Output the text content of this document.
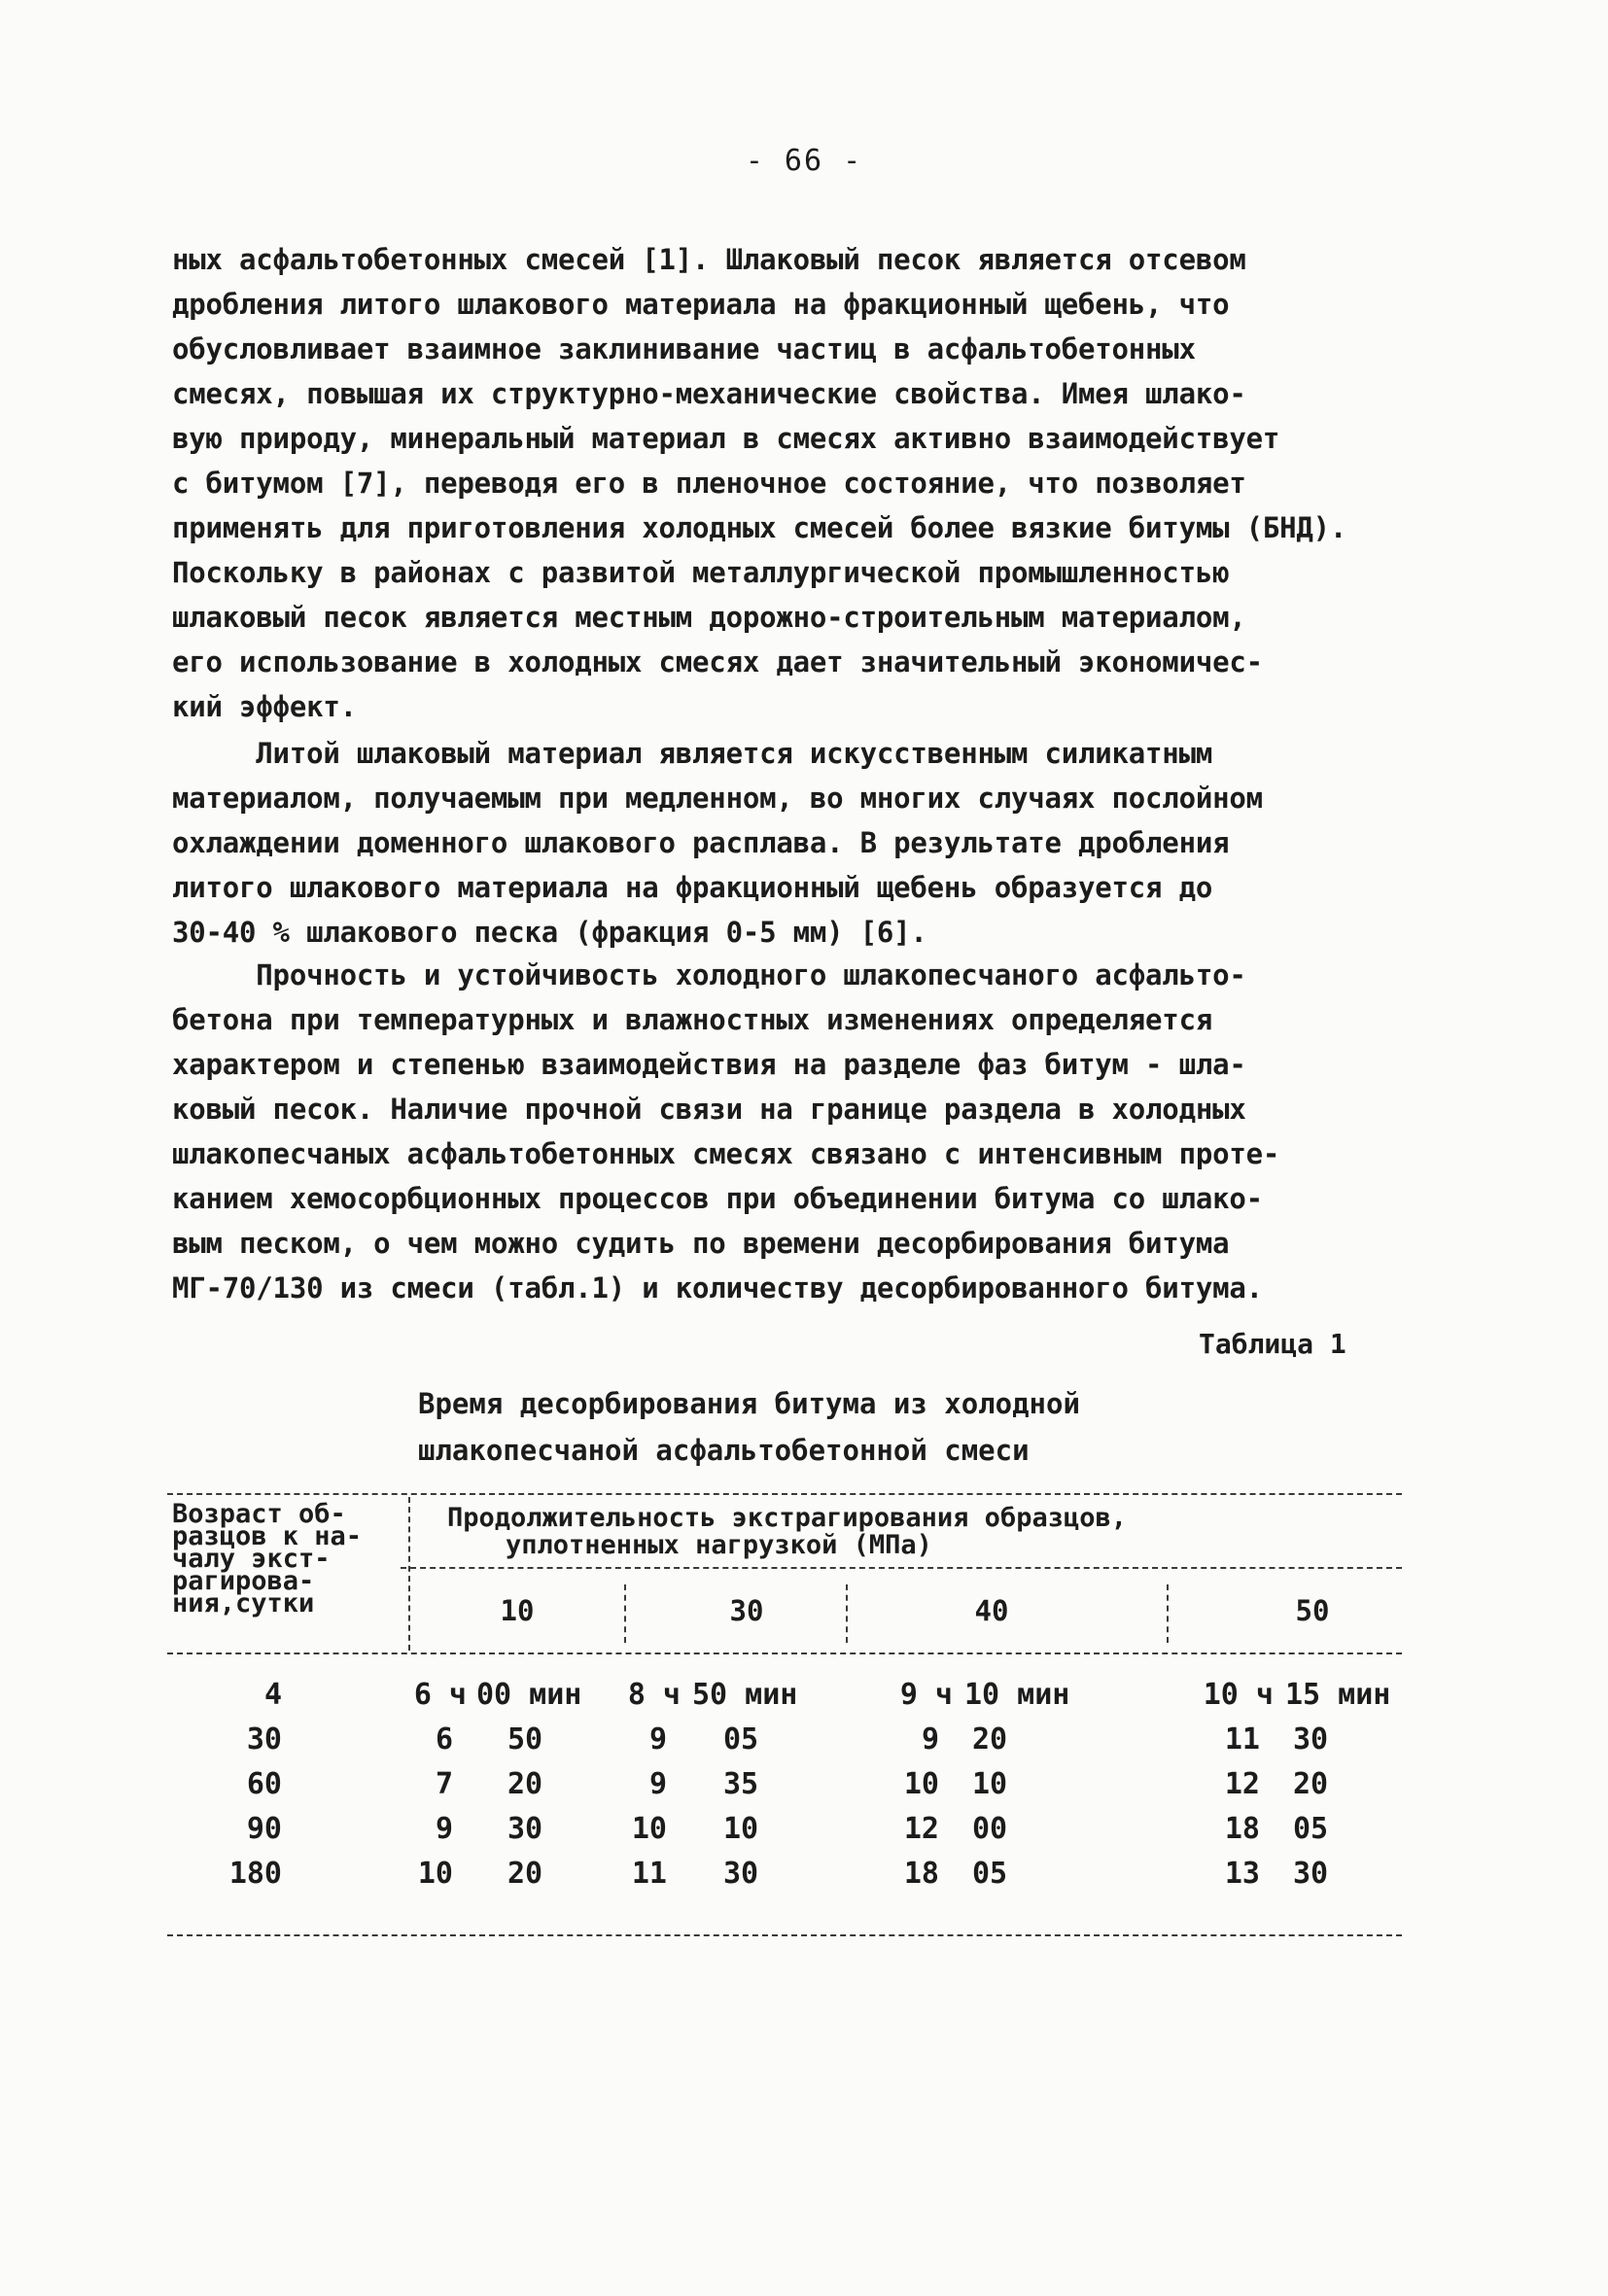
- 66 -
ных асфальтобетонных смесей [1]. Шлаковый песок является отсевом
дробления литого шлакового материала на фракционный щебень, что
обусловливает взаимное заклинивание частиц в асфальтобетонных
смесях, повышая их структурно-механические свойства. Имея шлако-
вую природу, минеральный материал в смесях активно взаимодействует
с битумом [7], переводя его в пленочное состояние, что позволяет
применять для приготовления холодных смесей более вязкие битумы (БНД).
Поскольку в районах с развитой металлургической промышленностью
шлаковый песок является местным дорожно-строительным материалом,
его использование в холодных смесях дает значительный экономичес-
кий эффект.
Литой шлаковый материал является искусственным силикатным
материалом, получаемым при медленном, во многих случаях послойном
охлаждении доменного шлакового расплава. В результате дробления
литого шлакового материала на фракционный щебень образуется до
30-40 % шлакового песка (фракция 0-5 мм) [6].
Прочность и устойчивость холодного шлакопесчаного асфальто-
бетона при температурных и влажностных изменениях определяется
характером и степенью взаимодействия на разделе фаз битум - шла-
ковый песок. Наличие прочной связи на границе раздела в холодных
шлакопесчаных асфальтобетонных смесях связано с интенсивным проте-
канием хемосорбционных процессов при объединении битума со шлако-
вым песком, о чем можно судить по времени десорбирования битума
МГ-70/130 из смеси (табл.1) и количеству десорбированного битума.
Таблица 1
Время десорбирования битума из холодной
шлакопесчаной асфальтобетонной смеси
Возраст об-
разцов к на-
чалу экст-
рагирова-
ния,сутки
Продолжительность экстрагирования образцов,
уплотненных нагрузкой (МПа)
10	30	40	50
4	6 ч 00 мин	8 ч 50 мин	9 ч 10 мин	10 ч 15 мин
30	6 50	9 05	9 20	11 30
60	7 20	9 35	10 10	12 20
90	9 30	10 10	12 00	18 05
180	10 20	11 30	18 05	13 30
